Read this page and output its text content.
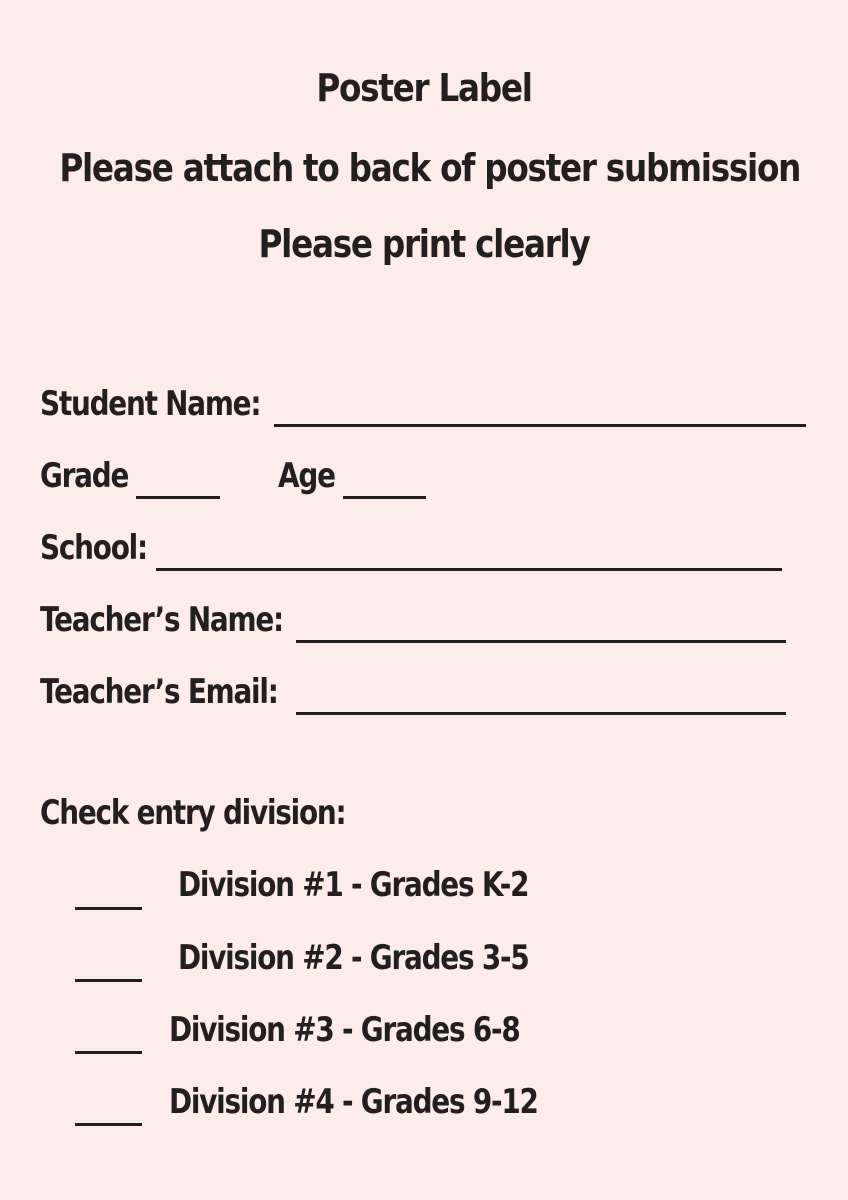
Poster Label
Please attach to back of poster submission
Please print clearly
Student Name:
Grade	Age
School:
Teacher’s Name:
Teacher’s Email:
Check entry division:
Division #1 - Grades K-2
Division #2 - Grades 3-5
Division #3 - Grades 6-8
Division #4 - Grades 9-12
